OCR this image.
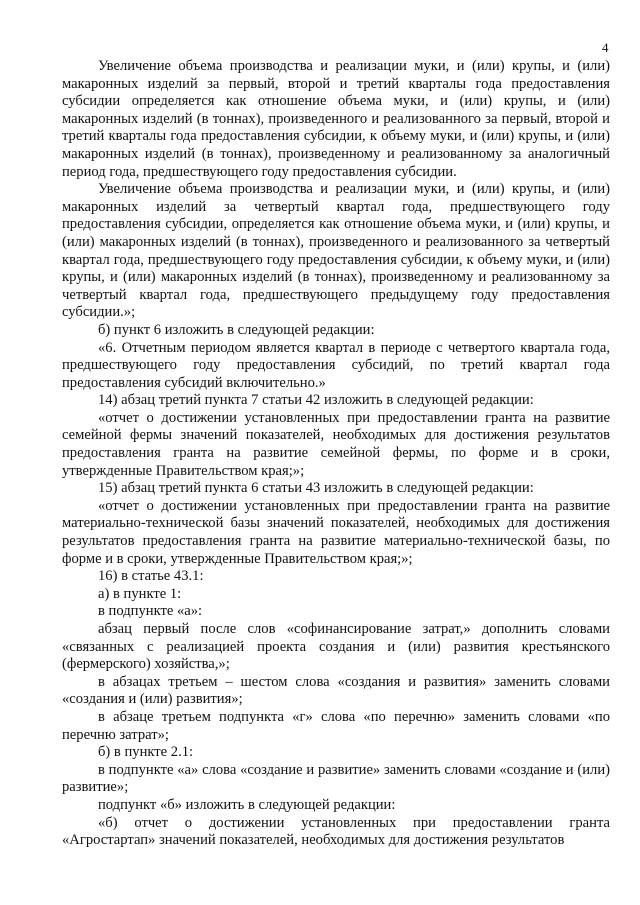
4

Увеличение объема производства и реализации муки, и (или) крупы, и (или) макаронных изделий за первый, второй и третий кварталы года предоставления субсидии определяется как отношение объема муки, и (или) крупы, и (или) макаронных изделий (в тоннах), произведенного и реализованного за первый, второй и третий кварталы года предоставления субсидии, к объему муки, и (или) крупы, и (или) макаронных изделий (в тоннах), произведенному и реализованному за аналогичный период года, предшествующего году предоставления субсидии.

Увеличение объема производства и реализации муки, и (или) крупы, и (или) макаронных изделий за четвертый квартал года, предшествующего году предоставления субсидии, определяется как отношение объема муки, и (или) крупы, и (или) макаронных изделий (в тоннах), произведенного и реализованного за четвертый квартал года, предшествующего году предоставления субсидии, к объему муки, и (или) крупы, и (или) макаронных изделий (в тоннах), произведенному и реализованному за четвертый квартал года, предшествующего предыдущему году предоставления субсидии.»;

б) пункт 6 изложить в следующей редакции:

«6. Отчетным периодом является квартал в периоде с четвертого квартала года, предшествующего году предоставления субсидий, по третий квартал года предоставления субсидий включительно.»

14) абзац третий пункта 7 статьи 42 изложить в следующей редакции:

«отчет о достижении установленных при предоставлении гранта на развитие семейной фермы значений показателей, необходимых для достижения результатов предоставления гранта на развитие семейной фермы, по форме и в сроки, утвержденные Правительством края;»;

15) абзац третий пункта 6 статьи 43 изложить в следующей редакции:

«отчет о достижении установленных при предоставлении гранта на развитие материально-технической базы значений показателей, необходимых для достижения результатов предоставления гранта на развитие материально-технической базы, по форме и в сроки, утвержденные Правительством края;»;

16) в статье 43.1:

а) в пункте 1:

в подпункте «а»:

абзац первый после слов «софинансирование затрат,» дополнить словами «связанных с реализацией проекта создания и (или) развития крестьянского (фермерского) хозяйства,»;

в абзацах третьем – шестом слова «создания и развития» заменить словами «создания и (или) развития»;

в абзаце третьем подпункта «г» слова «по перечню» заменить словами «по перечню затрат»;

б) в пункте 2.1:

в подпункте «а» слова «создание и развитие» заменить словами «создание и (или) развитие»;

подпункт «б» изложить в следующей редакции:

«б) отчет о достижении установленных при предоставлении гранта «Агростартап» значений показателей, необходимых для достижения результатов
